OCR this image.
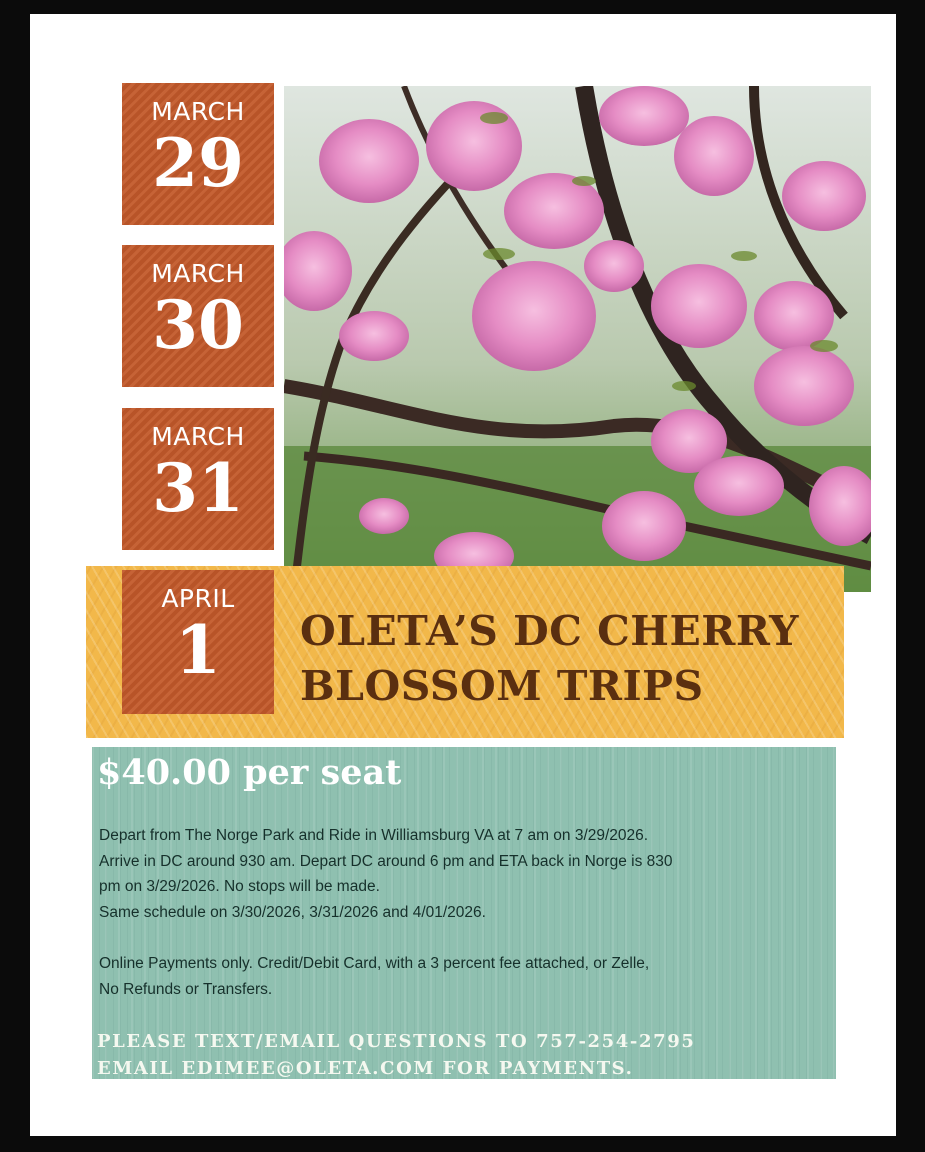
MARCH
29
MARCH
30
MARCH
31
APRIL
1	OLETA’S DC CHERRY
BLOSSOM TRIPS
$40.00 per seat
Depart from The Norge Park and Ride in Williamsburg VA at 7 am on 3/29/2026.
Arrive in DC around 930 am. Depart DC around 6 pm and ETA back in Norge is 830
pm on 3/29/2026. No stops will be made.
Same schedule on 3/30/2026, 3/31/2026 and 4/01/2026.
Online Payments only. Credit/Debit Card, with a 3 percent fee attached, or Zelle,
No Refunds or Transfers.
PLEASE TEXT/EMAIL QUESTIONS TO 757-254-2795
EMAIL EDIMEE@OLETA.COM FOR PAYMENTS.
